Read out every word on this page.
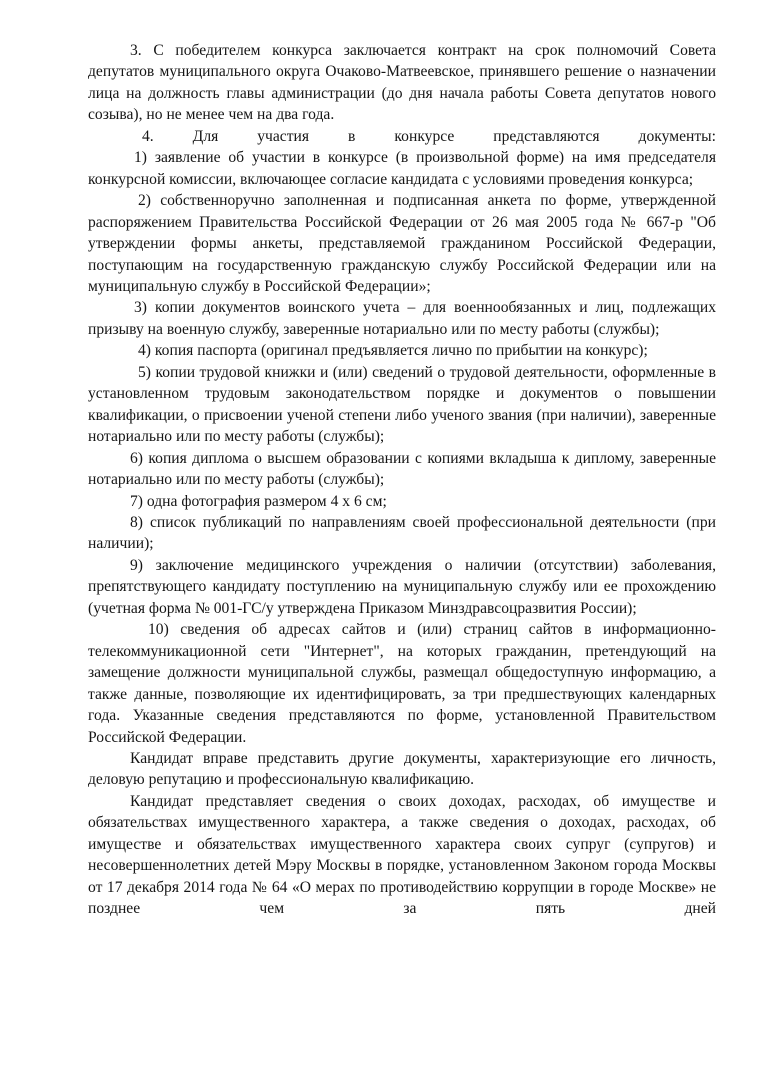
3. С победителем конкурса заключается контракт на срок полномочий Совета депутатов муниципального округа Очаково-Матвеевское, принявшего решение о назначении лица на должность главы администрации (до дня начала работы Совета депутатов нового созыва), но не менее чем на два года.

4. Для участия в конкурсе представляются документы:

1) заявление об участии в конкурсе (в произвольной форме) на имя председателя конкурсной комиссии, включающее согласие кандидата с условиями проведения конкурса;

2) собственноручно заполненная и подписанная анкета по форме, утвержденной распоряжением Правительства Российской Федерации от 26 мая 2005 года № 667-р "Об утверждении формы анкеты, представляемой гражданином Российской Федерации, поступающим на государственную гражданскую службу Российской Федерации или на муниципальную службу в Российской Федерации»;

3) копии документов воинского учета – для военнообязанных и лиц, подлежащих призыву на военную службу, заверенные нотариально или по месту работы (службы);

4) копия паспорта (оригинал предъявляется лично по прибытии на конкурс);

5) копии трудовой книжки и (или) сведений о трудовой деятельности, оформленные в установленном трудовым законодательством порядке и документов о повышении квалификации, о присвоении ученой степени либо ученого звания (при наличии), заверенные нотариально или по месту работы (службы);

6) копия диплома о высшем образовании с копиями вкладыша к диплому, заверенные нотариально или по месту работы (службы);

7) одна фотография размером 4 х 6 см;

8) список публикаций по направлениям своей профессиональной деятельности (при наличии);

9) заключение медицинского учреждения о наличии (отсутствии) заболевания, препятствующего кандидату поступлению на муниципальную службу или ее прохождению (учетная форма № 001-ГС/у утверждена Приказом Минздравсоцразвития России);

10) сведения об адресах сайтов и (или) страниц сайтов в информационно-телекоммуникационной сети "Интернет", на которых гражданин, претендующий на замещение должности муниципальной службы, размещал общедоступную информацию, а также данные, позволяющие их идентифицировать, за три предшествующих календарных года. Указанные сведения представляются по форме, установленной Правительством Российской Федерации.

Кандидат вправе представить другие документы, характеризующие его личность, деловую репутацию и профессиональную квалификацию.

Кандидат представляет сведения о своих доходах, расходах, об имуществе и обязательствах имущественного характера, а также сведения о доходах, расходах, об имуществе и обязательствах имущественного характера своих супруг (супругов) и несовершеннолетних детей Мэру Москвы в порядке, установленном Законом города Москвы от 17 декабря 2014 года № 64 «О мерах по противодействию коррупции в городе Москве» не позднее чем за пять дней
